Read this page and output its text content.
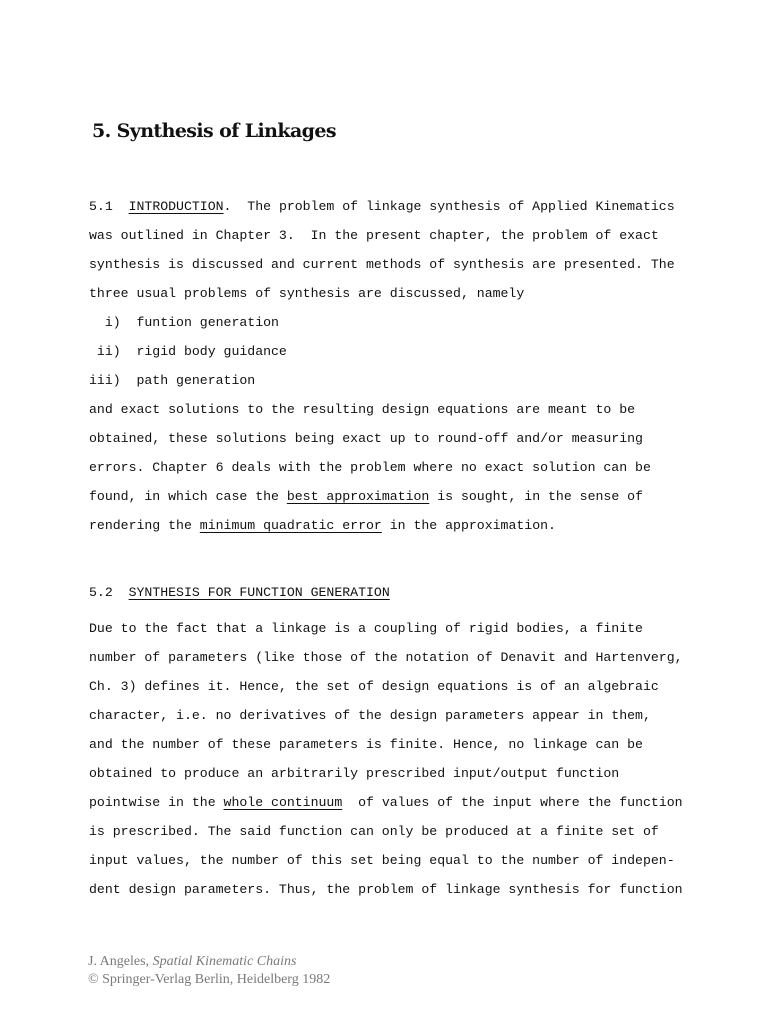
5. Synthesis of Linkages
5.1 INTRODUCTION.  The problem of linkage synthesis of Applied Kinematics
was outlined in Chapter 3.  In the present chapter, the problem of exact
synthesis is discussed and current methods of synthesis are presented. The
three usual problems of synthesis are discussed, namely
i) funtion generation
ii) rigid body guidance
iii) path generation
and exact solutions to the resulting design equations are meant to be
obtained, these solutions being exact up to round-off and/or measuring
errors. Chapter 6 deals with the problem where no exact solution can be
found, in which case the best approximation is sought, in the sense of
rendering the minimum quadratic error in the approximation.
5.2 SYNTHESIS FOR FUNCTION GENERATION
Due to the fact that a linkage is a coupling of rigid bodies, a finite
number of parameters (like those of the notation of Denavit and Hartenverg,
Ch. 3) defines it. Hence, the set of design equations is of an algebraic
character, i.e. no derivatives of the design parameters appear in them,
and the number of these parameters is finite. Hence, no linkage can be
obtained to produce an arbitrarily prescribed input/output function
pointwise in the whole continuum  of values of the input where the function
is prescribed. The said function can only be produced at a finite set of
input values, the number of this set being equal to the number of indepen-
dent design parameters. Thus, the problem of linkage synthesis for function
J. Angeles, Spatial Kinematic Chains
© Springer-Verlag Berlin, Heidelberg 1982
